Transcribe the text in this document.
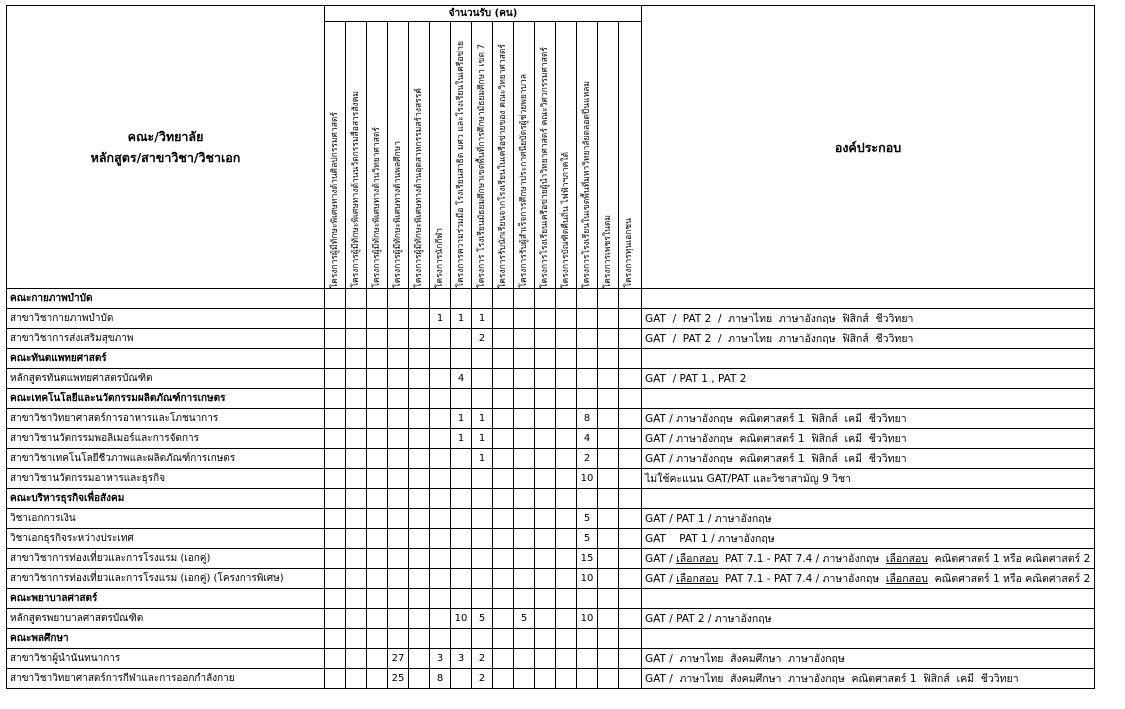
คณะ/วิทยาลัย
หลักสูตร/สาขาวิชา/วิชาเอก	จำนวนรับ (คน)															องค์ประกอบ

	โครงการผู้มีทักษะพิเศษทางด้านศิลปกรรมศาสตร์	โครงการผู้มีทักษะพิเศษทางด้านนวัตกรรมสื่อสารสังคม	โครงการผู้มีทักษะพิเศษทางด้านวิทยาศาสตร์	โครงการผู้มีทักษะพิเศษทางด้านพลศึกษา	โครงการผู้มีทักษะพิเศษทางด้านอุตสาหกรรมสร้างสรรค์	โครงการนักกีฬา	โครงการความร่วมมือ โรงเรียนสาธิต มศว และโรงเรียนในเครือข่าย	โครงการ โรงเรียนมัธยมศึกษาเขตพื้นที่การศึกษามัธยมศึกษา เขต 7	โครงการรับนักเรียนจากโรงเรียนในเครือข่ายของ คณะวิทยาศาสตร์	โครงการรับผู้สำเร็จการศึกษาประกาศนียบัตรผู้ช่วยพยาบาล	โครงการโรงเรียนเครือข่ายผู้นำวิทยาศาสตร์ คณะวิศวกรรมศาสตร์	โครงการบัณฑิตคืนถิ่น ไฟฟ้าฯภาคใต้	โครงการโรงเรียนในเขตพื้นที่มหาวิทยาลัยตลอดปีนแหลม	โครงการเพชรในตม	โครงการทุนเอกชน	

คณะกายภาพบำบัด																
สาขาวิชากายภาพบำบัด						1	1	1								GAT  /  PAT 2  /  ภาษาไทย  ภาษาอังกฤษ  ฟิสิกส์  ชีววิทยา
สาขาวิชาการส่งเสริมสุขภาพ								2								GAT  /  PAT 2  /  ภาษาไทย  ภาษาอังกฤษ  ฟิสิกส์  ชีววิทยา
คณะทันตแพทยศาสตร์																
หลักสูตรทันตแพทยศาสตรบัณฑิต							4									GAT  / PAT 1 , PAT 2
คณะเทคโนโลยีและนวัตกรรมผลิตภัณฑ์การเกษตร																
สาขาวิชาวิทยาศาสตร์การอาหารและโภชนาการ							1	1					8			GAT / ภาษาอังกฤษ  คณิตศาสตร์ 1  ฟิสิกส์  เคมี  ชีววิทยา
สาขาวิชานวัตกรรมพอลิเมอร์และการจัดการ							1	1					4			GAT / ภาษาอังกฤษ  คณิตศาสตร์ 1  ฟิสิกส์  เคมี  ชีววิทยา
สาขาวิชาเทคโนโลยีชีวภาพและผลิตภัณฑ์การเกษตร								1					2			GAT / ภาษาอังกฤษ  คณิตศาสตร์ 1  ฟิสิกส์  เคมี  ชีววิทยา
สาขาวิชานวัตกรรมอาหารและธุรกิจ													10			ไม่ใช้คะแนน GAT/PAT และวิชาสามัญ 9 วิชา
คณะบริหารธุรกิจเพื่อสังคม																
วิชาเอกการเงิน													5			GAT / PAT 1 / ภาษาอังกฤษ
วิชาเอกธุรกิจระหว่างประเทศ													5			GAT    PAT 1 / ภาษาอังกฤษ
สาขาวิชาการท่องเที่ยวและการโรงแรม (เอกคู่)													15			GAT / เลือกสอบ  PAT 7.1 - PAT 7.4 / ภาษาอังกฤษ  เลือกสอบ  คณิตศาสตร์ 1 หรือ คณิตศาสตร์ 2
สาขาวิชาการท่องเที่ยวและการโรงแรม (เอกคู่) (โครงการพิเศษ)													10			GAT / เลือกสอบ  PAT 7.1 - PAT 7.4 / ภาษาอังกฤษ  เลือกสอบ  คณิตศาสตร์ 1 หรือ คณิตศาสตร์ 2
คณะพยาบาลศาสตร์																
หลักสูตรพยาบาลศาสตรบัณฑิต							10	5		5			10			GAT / PAT 2 / ภาษาอังกฤษ
คณะพลศึกษา																
สาขาวิชาผู้นำนันทนาการ				27		3	3	2								GAT /  ภาษาไทย  สังคมศึกษา  ภาษาอังกฤษ
สาขาวิชาวิทยาศาสตร์การกีฬาและการออกกำลังกาย				25		8		2								GAT /  ภาษาไทย  สังคมศึกษา  ภาษาอังกฤษ  คณิตศาสตร์ 1  ฟิสิกส์  เคมี  ชีววิทยา
